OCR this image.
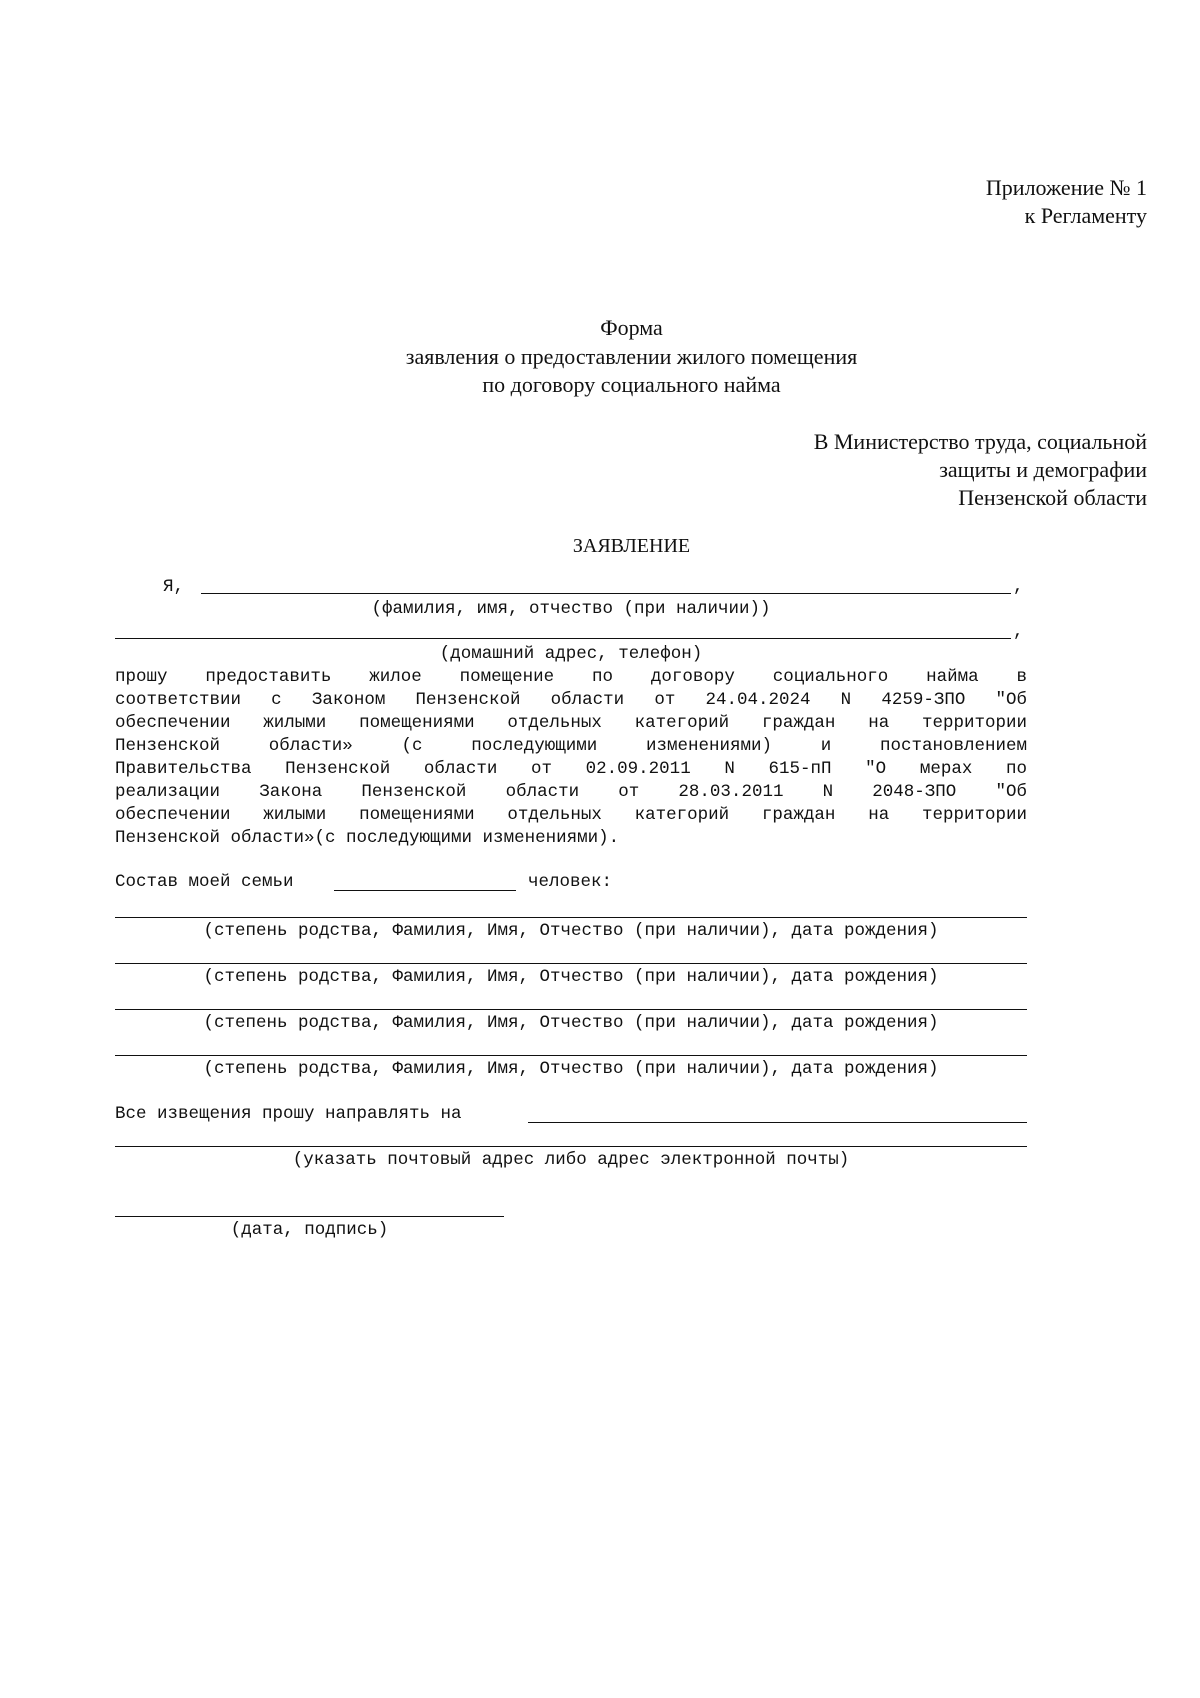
Приложение № 1
к Регламенту
Форма
заявления о предоставлении жилого помещения
по договору социального найма
В Министерство труда, социальной
защиты и демографии
Пензенской области
ЗАЯВЛЕНИЕ
Я,	,
(фамилия, имя, отчество (при наличии))
,
(домашний адрес, телефон)
прошу предоставить жилое помещение по договору социального найма в
соответствии с Законом Пензенской области от 24.04.2024 N 4259-ЗПО "Об
обеспечении жилыми помещениями отдельных категорий граждан на территории
Пензенской области» (с последующими изменениями) и постановлением
Правительства Пензенской области от 02.09.2011 N 615-пП "О мерах по
реализации Закона Пензенской области от 28.03.2011 N 2048-ЗПО "Об
обеспечении жилыми помещениями отдельных категорий граждан на территории
Пензенской области»(с последующими изменениями).
Состав моей семьи	человек:
(степень родства, Фамилия, Имя, Отчество (при наличии), дата рождения)
(степень родства, Фамилия, Имя, Отчество (при наличии), дата рождения)
(степень родства, Фамилия, Имя, Отчество (при наличии), дата рождения)
(степень родства, Фамилия, Имя, Отчество (при наличии), дата рождения)
Все извещения прошу направлять на
(указать почтовый адрес либо адрес электронной почты)
(дата, подпись)
